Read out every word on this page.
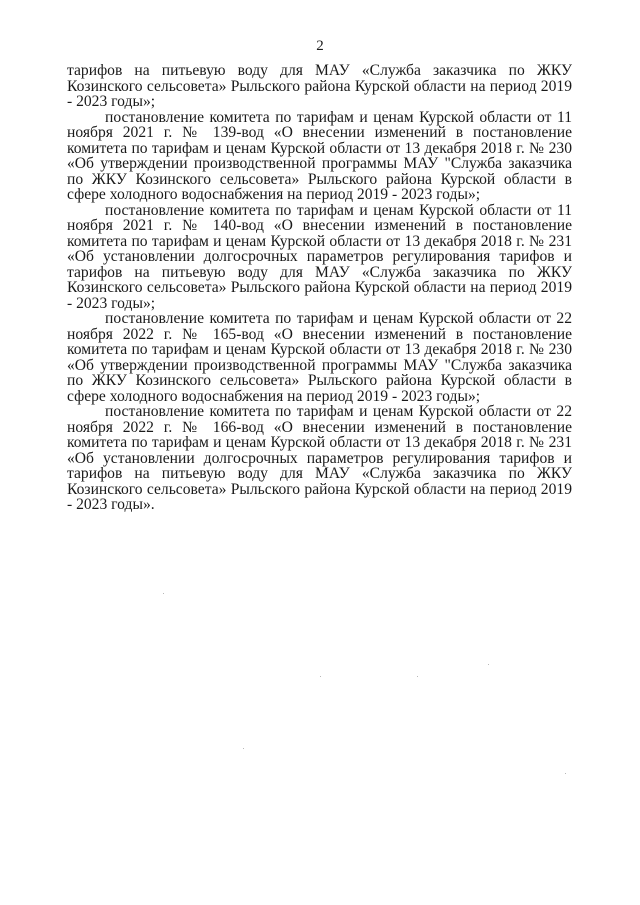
2

тарифов на питьевую воду для МАУ «Служба заказчика по ЖКУ Козинского сельсовета» Рыльского района Курской области на период 2019 - 2023 годы»;

постановление комитета по тарифам и ценам Курской области от 11 ноября 2021 г. № 139-вод «О внесении изменений в постановление комитета по тарифам и ценам Курской области от 13 декабря 2018 г. № 230 «Об утверждении производственной программы МАУ "Служба заказчика по ЖКУ Козинского сельсовета» Рыльского района Курской области в сфере холодного водоснабжения на период 2019 - 2023 годы»;

постановление комитета по тарифам и ценам Курской области от 11 ноября 2021 г. № 140-вод «О внесении изменений в постановление комитета по тарифам и ценам Курской области от 13 декабря 2018 г. № 231 «Об установлении долгосрочных параметров регулирования тарифов и тарифов на питьевую воду для МАУ «Служба заказчика по ЖКУ Козинского сельсовета» Рыльского района Курской области на период 2019 - 2023 годы»;

постановление комитета по тарифам и ценам Курской области от 22 ноября 2022 г. № 165-вод «О внесении изменений в постановление комитета по тарифам и ценам Курской области от 13 декабря 2018 г. № 230 «Об утверждении производственной программы МАУ "Служба заказчика по ЖКУ Козинского сельсовета» Рыльского района Курской области в сфере холодного водоснабжения на период 2019 - 2023 годы»;

постановление комитета по тарифам и ценам Курской области от 22 ноября 2022 г. № 166-вод «О внесении изменений в постановление комитета по тарифам и ценам Курской области от 13 декабря 2018 г. № 231 «Об установлении долгосрочных параметров регулирования тарифов и тарифов на питьевую воду для МАУ «Служба заказчика по ЖКУ Козинского сельсовета» Рыльского района Курской области на период 2019 - 2023 годы».
